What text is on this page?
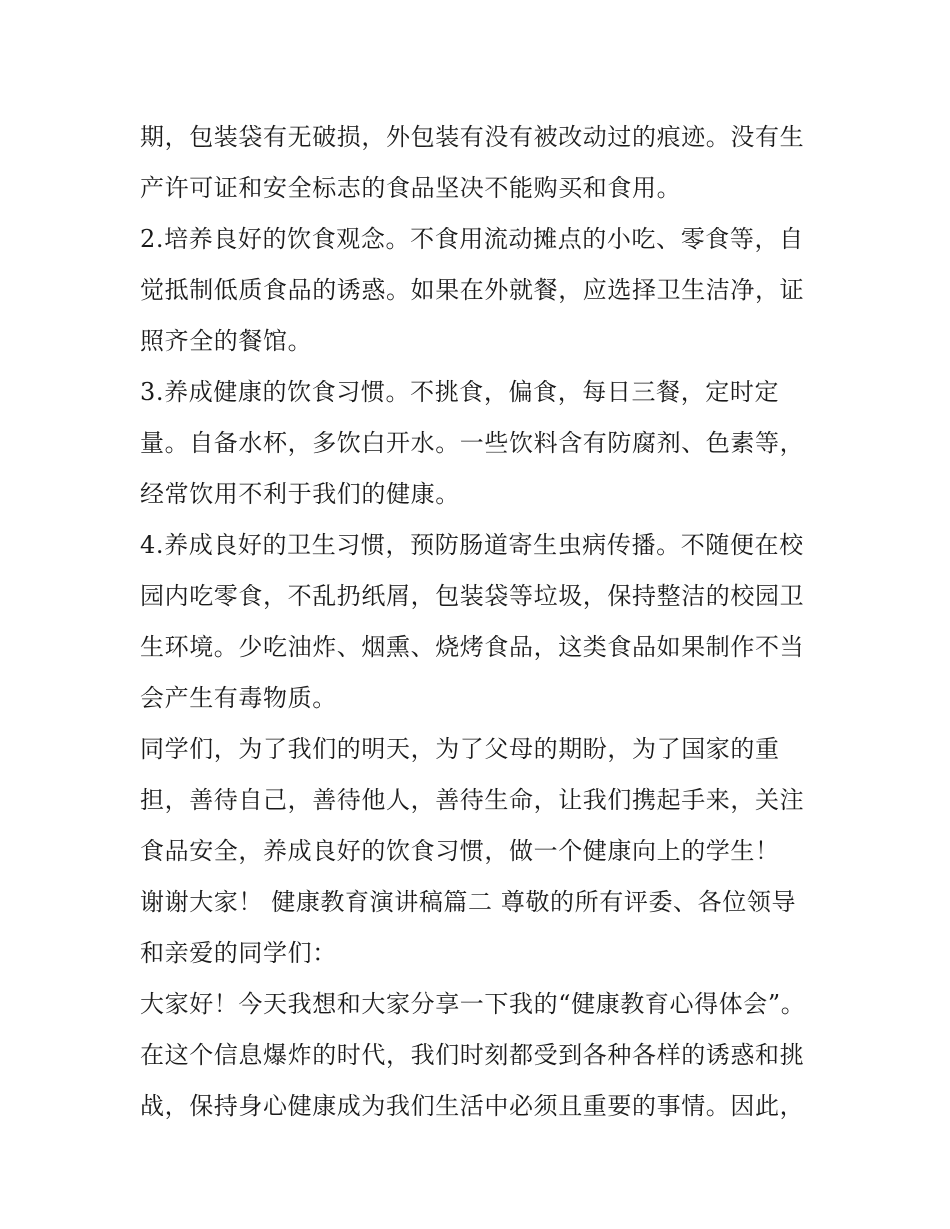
期，包装袋有无破损，外包装有没有被改动过的痕迹。没有生产许可证和安全标志的食品坚决不能购买和食用。

2.培养良好的饮食观念。不食用流动摊点的小吃、零食等，自觉抵制低质食品的诱惑。如果在外就餐，应选择卫生洁净，证照齐全的餐馆。

3.养成健康的饮食习惯。不挑食，偏食，每日三餐，定时定量。自备水杯，多饮白开水。一些饮料含有防腐剂、色素等，经常饮用不利于我们的健康。

4.养成良好的卫生习惯，预防肠道寄生虫病传播。不随便在校园内吃零食，不乱扔纸屑，包装袋等垃圾，保持整洁的校园卫生环境。少吃油炸、烟熏、烧烤食品，这类食品如果制作不当会产生有毒物质。

同学们，为了我们的明天，为了父母的期盼，为了国家的重担，善待自己，善待他人，善待生命，让我们携起手来，关注食品安全，养成良好的饮食习惯，做一个健康向上的学生！

谢谢大家！ 健康教育演讲稿篇二 尊敬的所有评委、各位领导和亲爱的同学们：

大家好！今天我想和大家分享一下我的“健康教育心得体会”。在这个信息爆炸的时代，我们时刻都受到各种各样的诱惑和挑战，保持身心健康成为我们生活中必须且重要的事情。因此，
